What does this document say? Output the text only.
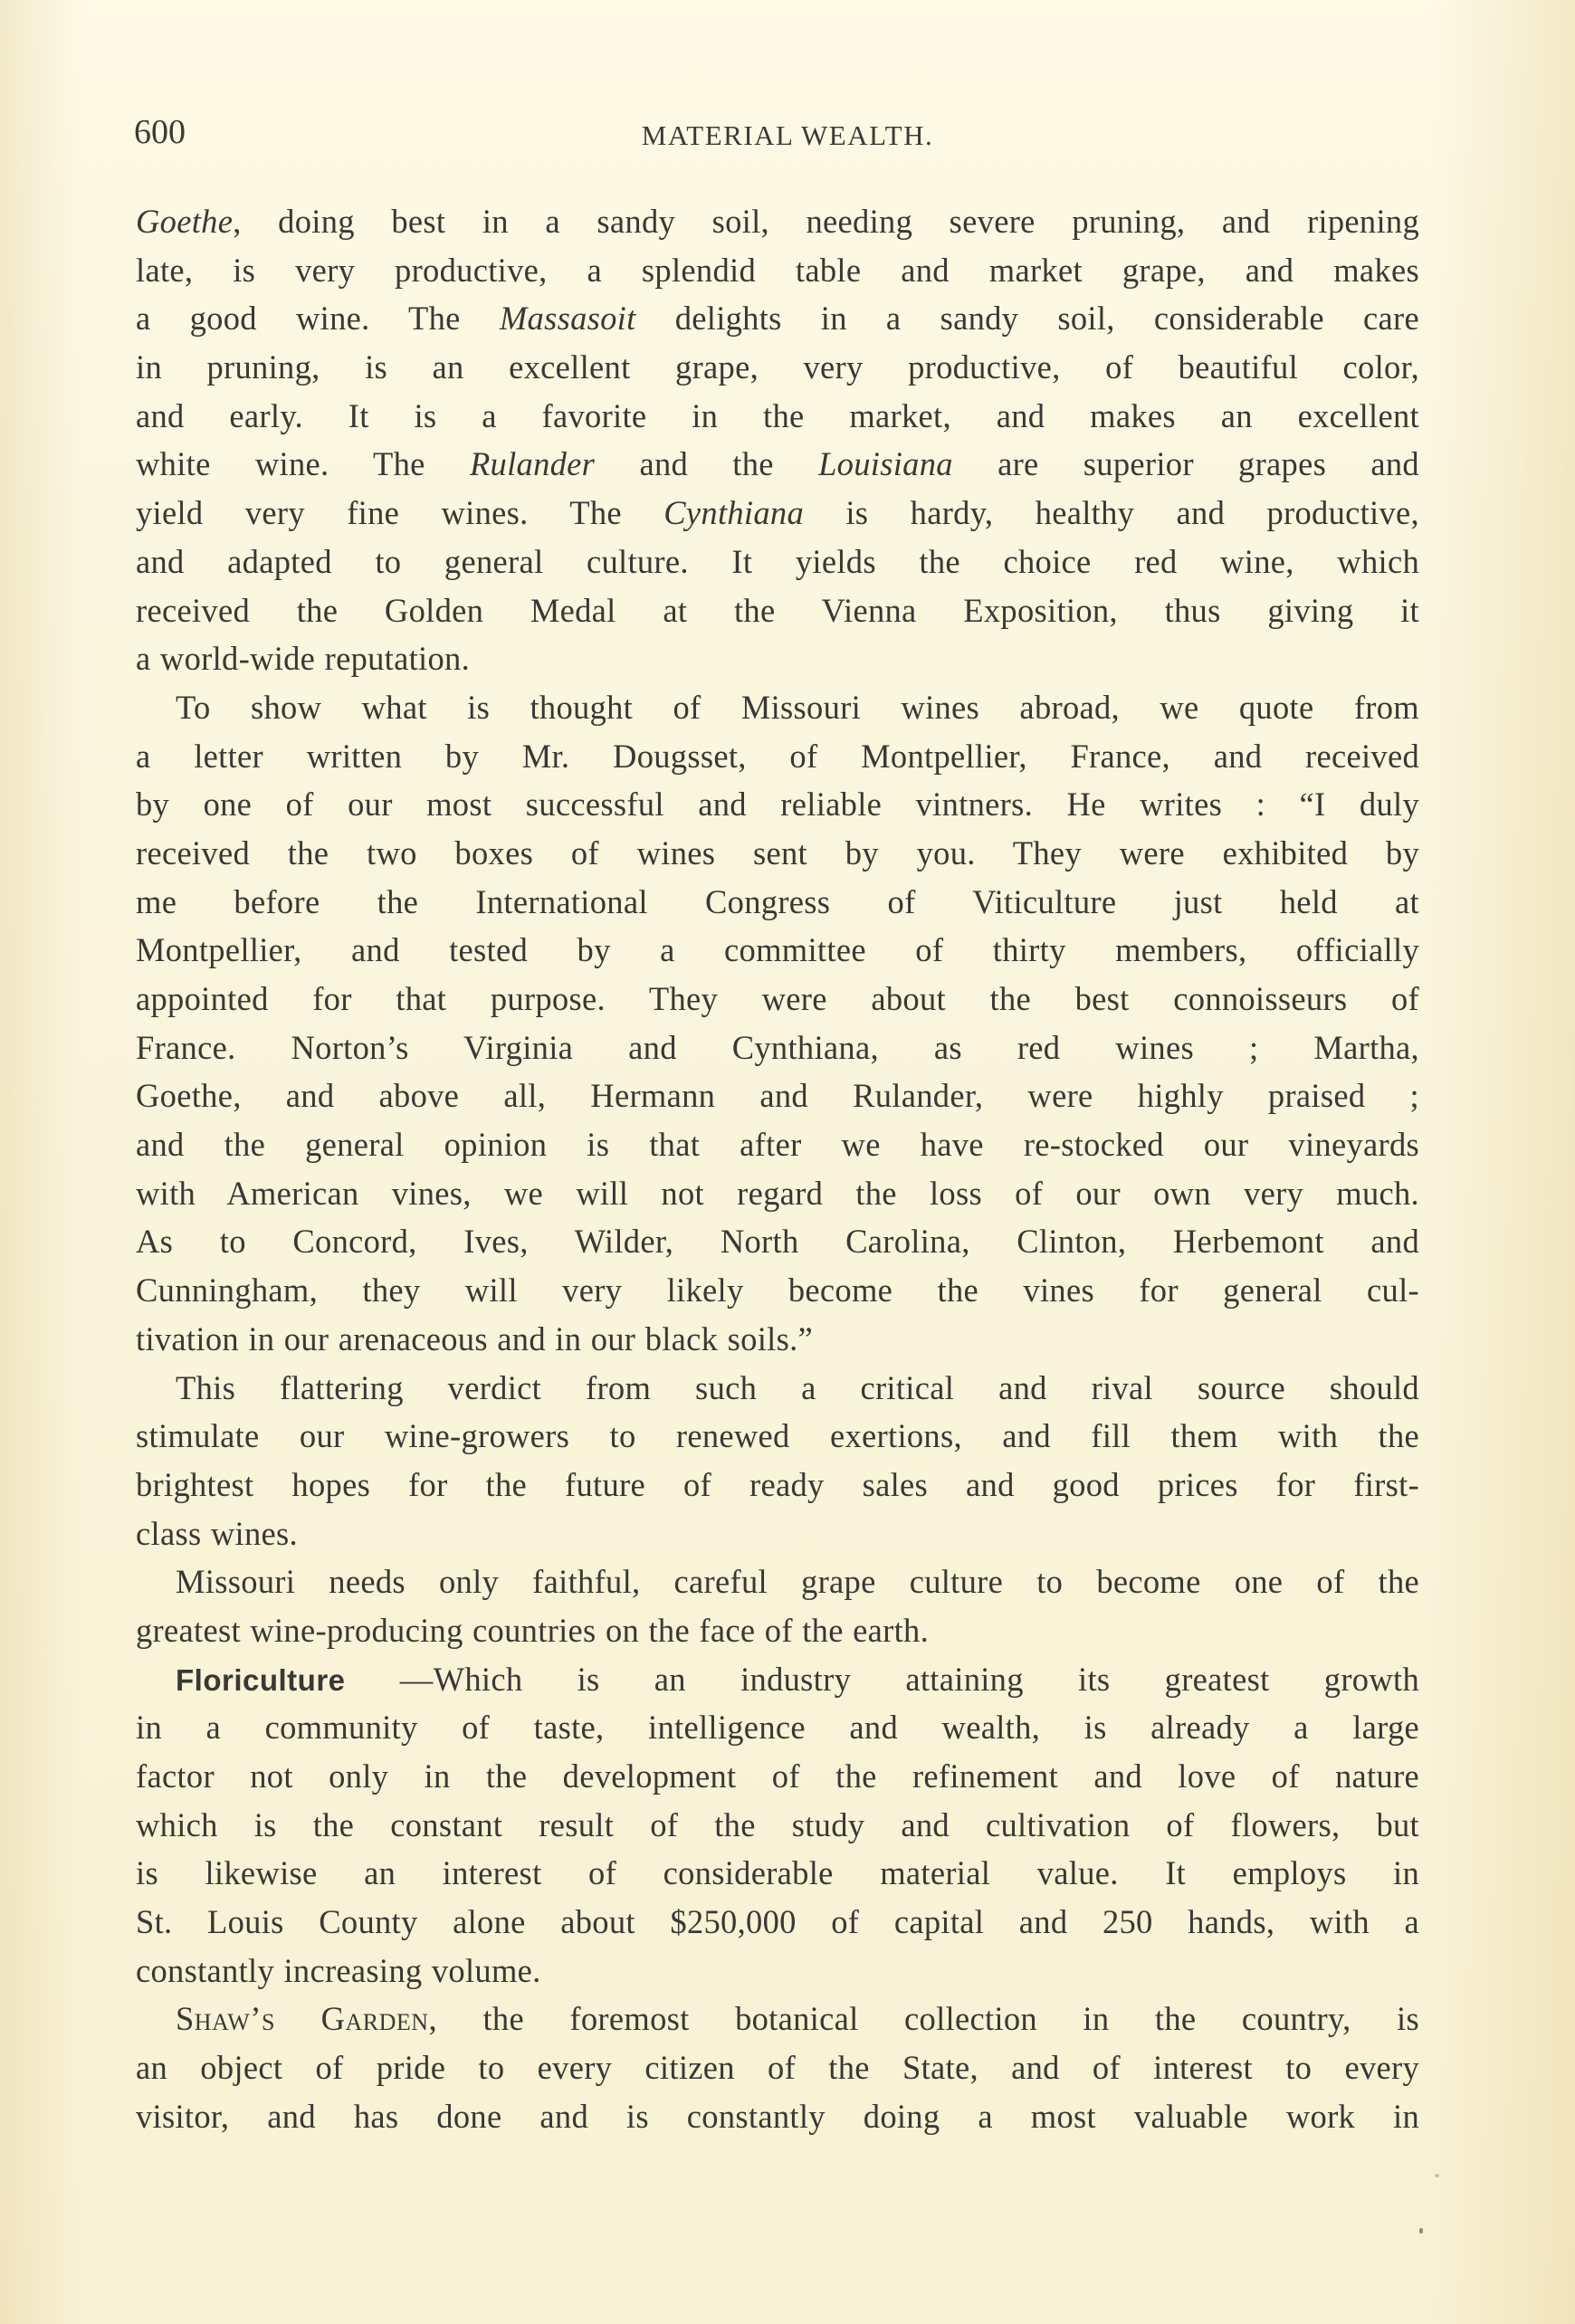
600	MATERIAL WEALTH.
Goethe, doing best in a sandy soil, needing severe pruning, and ripening
late, is very productive, a splendid table and market grape, and makes
a good wine. The Massasoit delights in a sandy soil, considerable care
in pruning, is an excellent grape, very productive, of beautiful color,
and early. It is a favorite in the market, and makes an excellent
white wine. The Rulander and the Louisiana are superior grapes and
yield very fine wines. The Cynthiana is hardy, healthy and productive,
and adapted to general culture. It yields the choice red wine, which
received the Golden Medal at the Vienna Exposition, thus giving it
a world-wide reputation.
To show what is thought of Missouri wines abroad, we quote from
a letter written by Mr. Dougsset, of Montpellier, France, and received
by one of our most successful and reliable vintners. He writes : “I duly
received the two boxes of wines sent by you. They were exhibited by
me before the International Congress of Viticulture just held at
Montpellier, and tested by a committee of thirty members, officially
appointed for that purpose. They were about the best connoisseurs of
France. Norton’s Virginia and Cynthiana, as red wines ; Martha,
Goethe, and above all, Hermann and Rulander, were highly praised ;
and the general opinion is that after we have re-stocked our vineyards
with American vines, we will not regard the loss of our own very much.
As to Concord, Ives, Wilder, North Carolina, Clinton, Herbemont and
Cunningham, they will very likely become the vines for general cul-
tivation in our arenaceous and in our black soils.”
This flattering verdict from such a critical and rival source should
stimulate our wine-growers to renewed exertions, and fill them with the
brightest hopes for the future of ready sales and good prices for first-
class wines.
Missouri needs only faithful, careful grape culture to become one of the
greatest wine-producing countries on the face of the earth.
Floriculture —Which is an industry attaining its greatest growth
in a community of taste, intelligence and wealth, is already a large
factor not only in the development of the refinement and love of nature
which is the constant result of the study and cultivation of flowers, but
is likewise an interest of considerable material value. It employs in
St. Louis County alone about $250,000 of capital and 250 hands, with a
constantly increasing volume.
Shaw’s Garden, the foremost botanical collection in the country, is
an object of pride to every citizen of the State, and of interest to every
visitor, and has done and is constantly doing a most valuable work in
